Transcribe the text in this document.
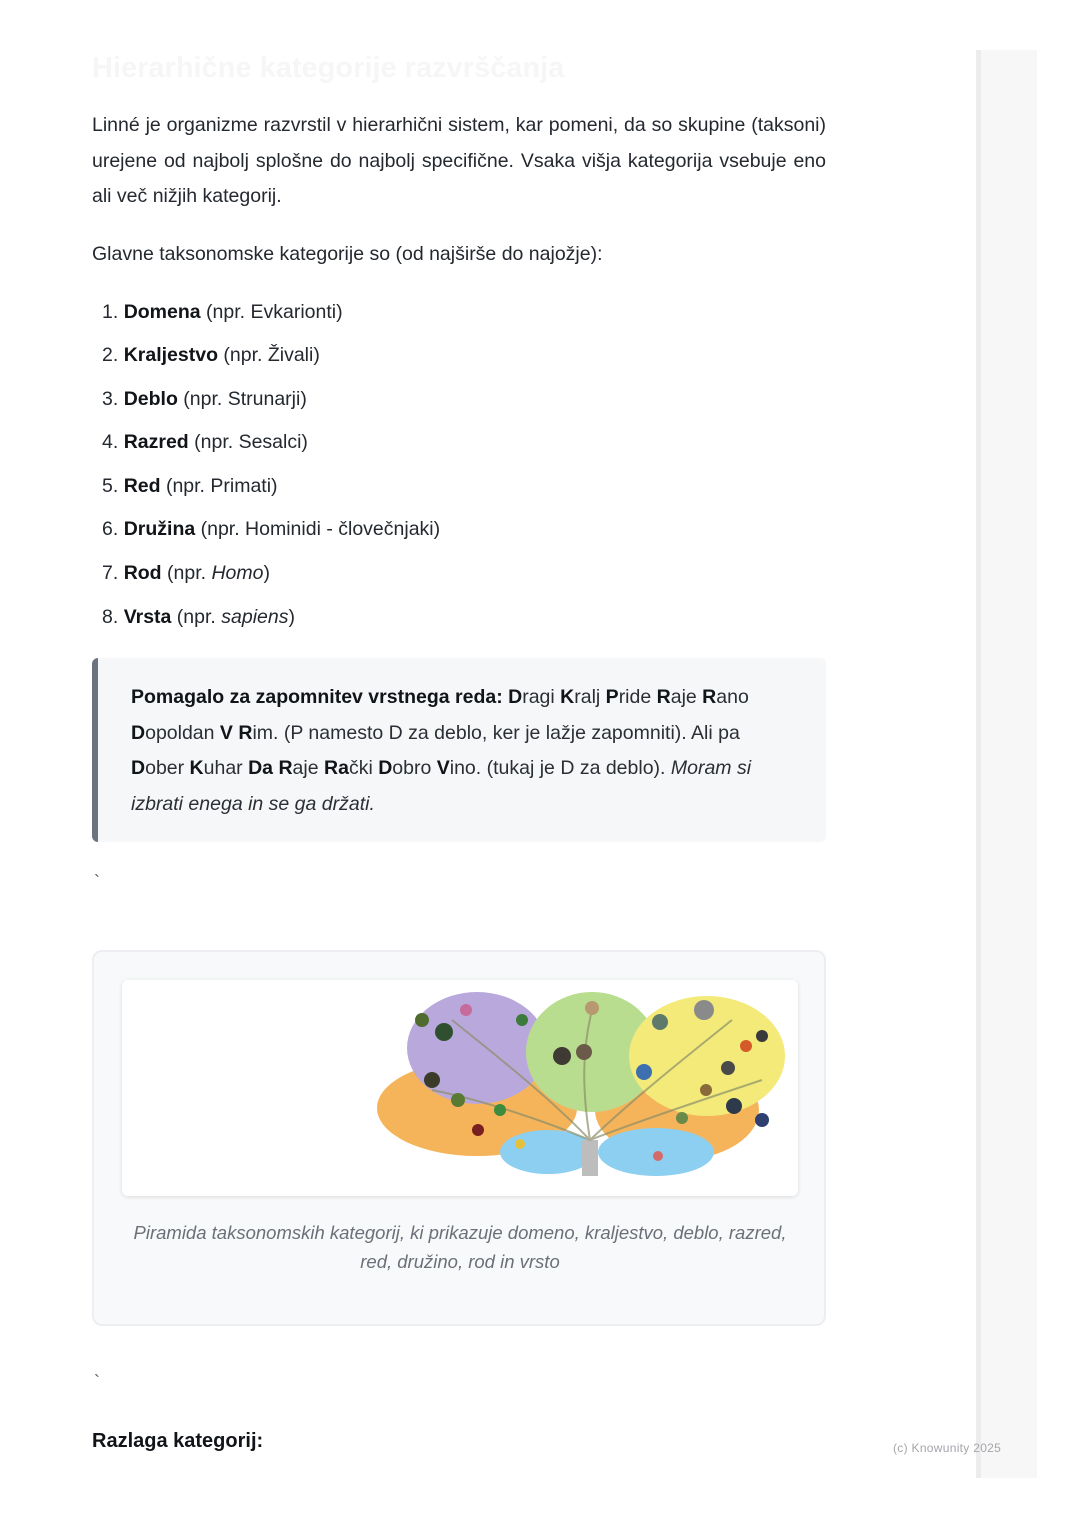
(c) Knowunity 2025
Hierarhične kategorije razvrščanja

Linné je organizme razvrstil v hierarhični sistem, kar pomeni, da so skupine (taksoni) urejene od najbolj splošne do najbolj specifične. Vsaka višja kategorija vsebuje eno ali več nižjih kategorij.

Glavne taksonomske kategorije so (od najširše do najožje):

1. Domena (npr. Evkarionti)
2. Kraljestvo (npr. Živali)
3. Deblo (npr. Strunarji)
4. Razred (npr. Sesalci)
5. Red (npr. Primati)
6. Družina (npr. Hominidi - človečnjaki)
7. Rod (npr. Homo)
8. Vrsta (npr. sapiens)
Pomagalo za zapomnitev vrstnega reda: Dragi Kralj Pride Raje Rano Dopoldan V Rim. (P namesto D za deblo, ker je lažje zapomniti). Ali pa Dober Kuhar Da Raje Rački Dobro Vino. (tukaj je D za deblo). Moram si izbrati enega in se ga držati.
`

Piramida taksonomskih kategorij, ki prikazuje domeno, kraljestvo, deblo, razred, red, družino, rod in vrsto

`
Razlaga kategorij:
